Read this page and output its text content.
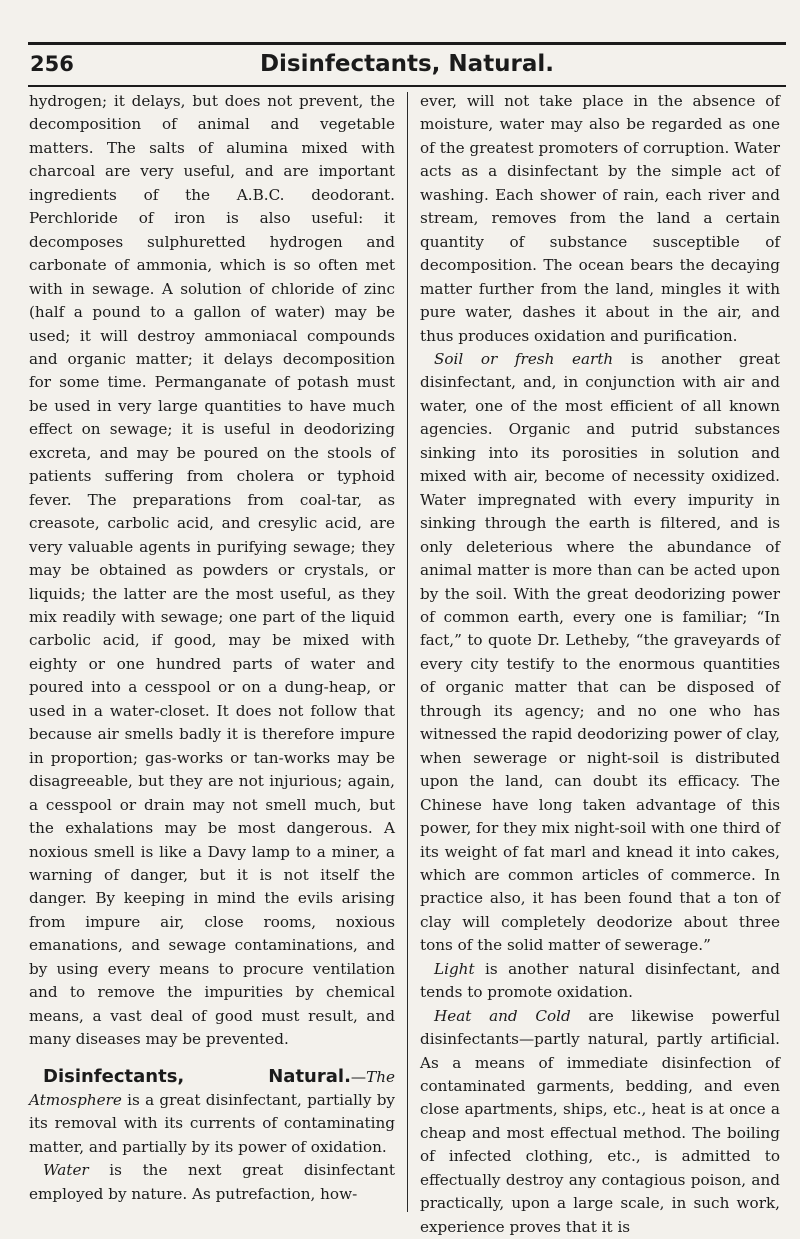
256	Disinfectants, Natural.

hydrogen; it delays, but does not prevent, the decomposition of animal and vegetable matters. The salts of alumina mixed with charcoal are very useful, and are important ingredients of the A.B.C. deodorant. Perchloride of iron is also useful: it decomposes sulphuretted hydrogen and carbonate of ammonia, which is so often met with in sewage. A solution of chloride of zinc (half a pound to a gallon of water) may be used; it will destroy ammoniacal compounds and organic matter; it delays decomposition for some time. Permanganate of potash must be used in very large quantities to have much effect on sewage; it is useful in deodorizing excreta, and may be poured on the stools of patients suffering from cholera or typhoid fever. The preparations from coal-tar, as creasote, carbolic acid, and cresylic acid, are very valuable agents in purifying sewage; they may be obtained as powders or crystals, or liquids; the latter are the most useful, as they mix readily with sewage; one part of the liquid carbolic acid, if good, may be mixed with eighty or one hundred parts of water and poured into a cesspool or on a dung-heap, or used in a water-closet. It does not follow that because air smells badly it is therefore impure in proportion; gas-works or tan-works may be disagreeable, but they are not injurious; again, a cesspool or drain may not smell much, but the exhalations may be most dangerous. A noxious smell is like a Davy lamp to a miner, a warning of danger, but it is not itself the danger. By keeping in mind the evils arising from impure air, close rooms, noxious emanations, and sewage contaminations, and by using every means to procure ventilation and to remove the impurities by chemical means, a vast deal of good must result, and many diseases may be prevented.

Disinfectants, Natural.—The Atmosphere is a great disinfectant, partially by its removal with its currents of contaminating matter, and partially by its power of oxidation.

Water is the next great disinfectant employed by nature. As putrefaction, how-

ever, will not take place in the absence of moisture, water may also be regarded as one of the greatest promoters of corruption. Water acts as a disinfectant by the simple act of washing. Each shower of rain, each river and stream, removes from the land a certain quantity of substance susceptible of decomposition. The ocean bears the decaying matter further from the land, mingles it with pure water, dashes it about in the air, and thus produces oxidation and purification.

Soil or fresh earth is another great disinfectant, and, in conjunction with air and water, one of the most efficient of all known agencies. Organic and putrid substances sinking into its porosities in solution and mixed with air, become of necessity oxidized. Water impregnated with every impurity in sinking through the earth is filtered, and is only deleterious where the abundance of animal matter is more than can be acted upon by the soil. With the great deodorizing power of common earth, every one is familiar; “In fact,” to quote Dr. Letheby, “the graveyards of every city testify to the enormous quantities of organic matter that can be disposed of through its agency; and no one who has witnessed the rapid deodorizing power of clay, when sewerage or night-soil is distributed upon the land, can doubt its efficacy. The Chinese have long taken advantage of this power, for they mix night-soil with one third of its weight of fat marl and knead it into cakes, which are common articles of commerce. In practice also, it has been found that a ton of clay will completely deodorize about three tons of the solid matter of sewerage.”

Light is another natural disinfectant, and tends to promote oxidation.

Heat and Cold are likewise powerful disinfectants—partly natural, partly artificial. As a means of immediate disinfection of contaminated garments, bedding, and even close apartments, ships, etc., heat is at once a cheap and most effectual method. The boiling of infected clothing, etc., is admitted to effectually destroy any contagious poison, and practically, upon a large scale, in such work, experience proves that it is
